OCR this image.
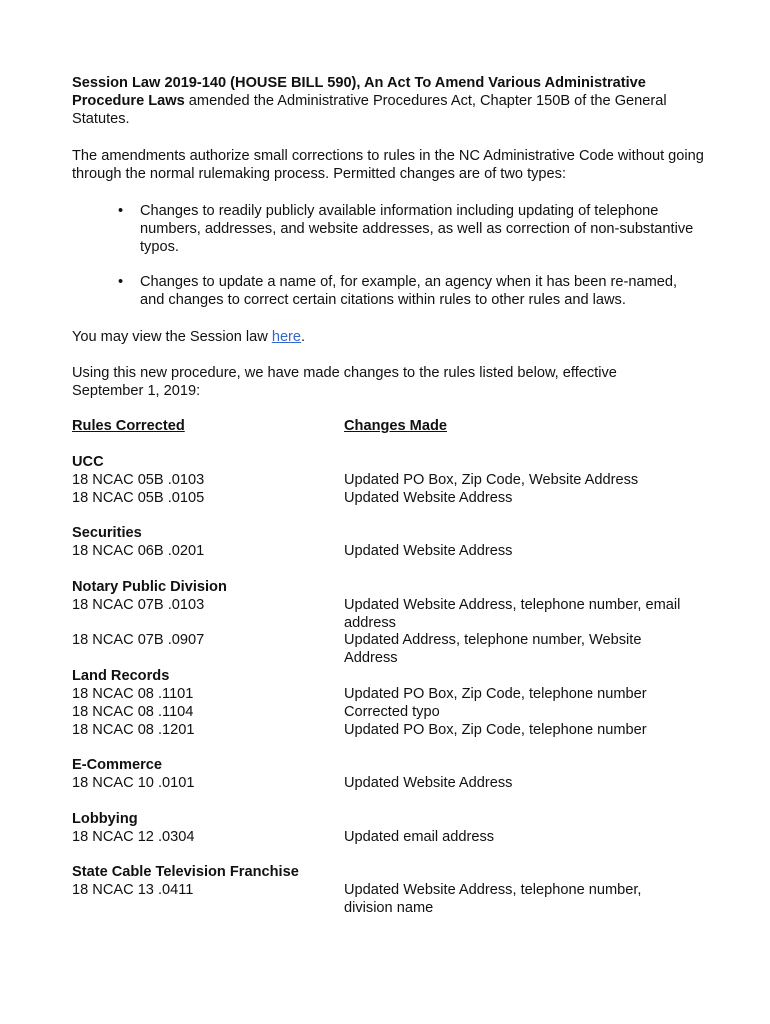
Session Law 2019-140 (HOUSE BILL 590), An Act To Amend Various Administrative Procedure Laws amended the Administrative Procedures Act, Chapter 150B of the General Statutes.

The amendments authorize small corrections to rules in the NC Administrative Code without going through the normal rulemaking process. Permitted changes are of two types:

• Changes to readily publicly available information including updating of telephone numbers, addresses, and website addresses, as well as correction of non-substantive typos.
• Changes to update a name of, for example, an agency when it has been re-named, and changes to correct certain citations within rules to other rules and laws.

You may view the Session law here.

Using this new procedure, we have made changes to the rules listed below, effective September 1, 2019:

Rules Corrected	Changes Made
UCC
18 NCAC 05B .0103	Updated PO Box, Zip Code, Website Address
18 NCAC 05B .0105	Updated Website Address
Securities
18 NCAC 06B .0201	Updated Website Address
Notary Public Division
18 NCAC 07B .0103	Updated Website Address, telephone number, email
address
18 NCAC 07B .0907	Updated Address, telephone number, Website
Address
Land Records
18 NCAC 08 .1101	Updated PO Box, Zip Code, telephone number
18 NCAC 08 .1104	Corrected typo
18 NCAC 08 .1201	Updated PO Box, Zip Code, telephone number
E-Commerce
18 NCAC 10 .0101	Updated Website Address
Lobbying
18 NCAC 12 .0304	Updated email address
State Cable Television Franchise
18 NCAC 13 .0411	Updated Website Address, telephone number,
division name
